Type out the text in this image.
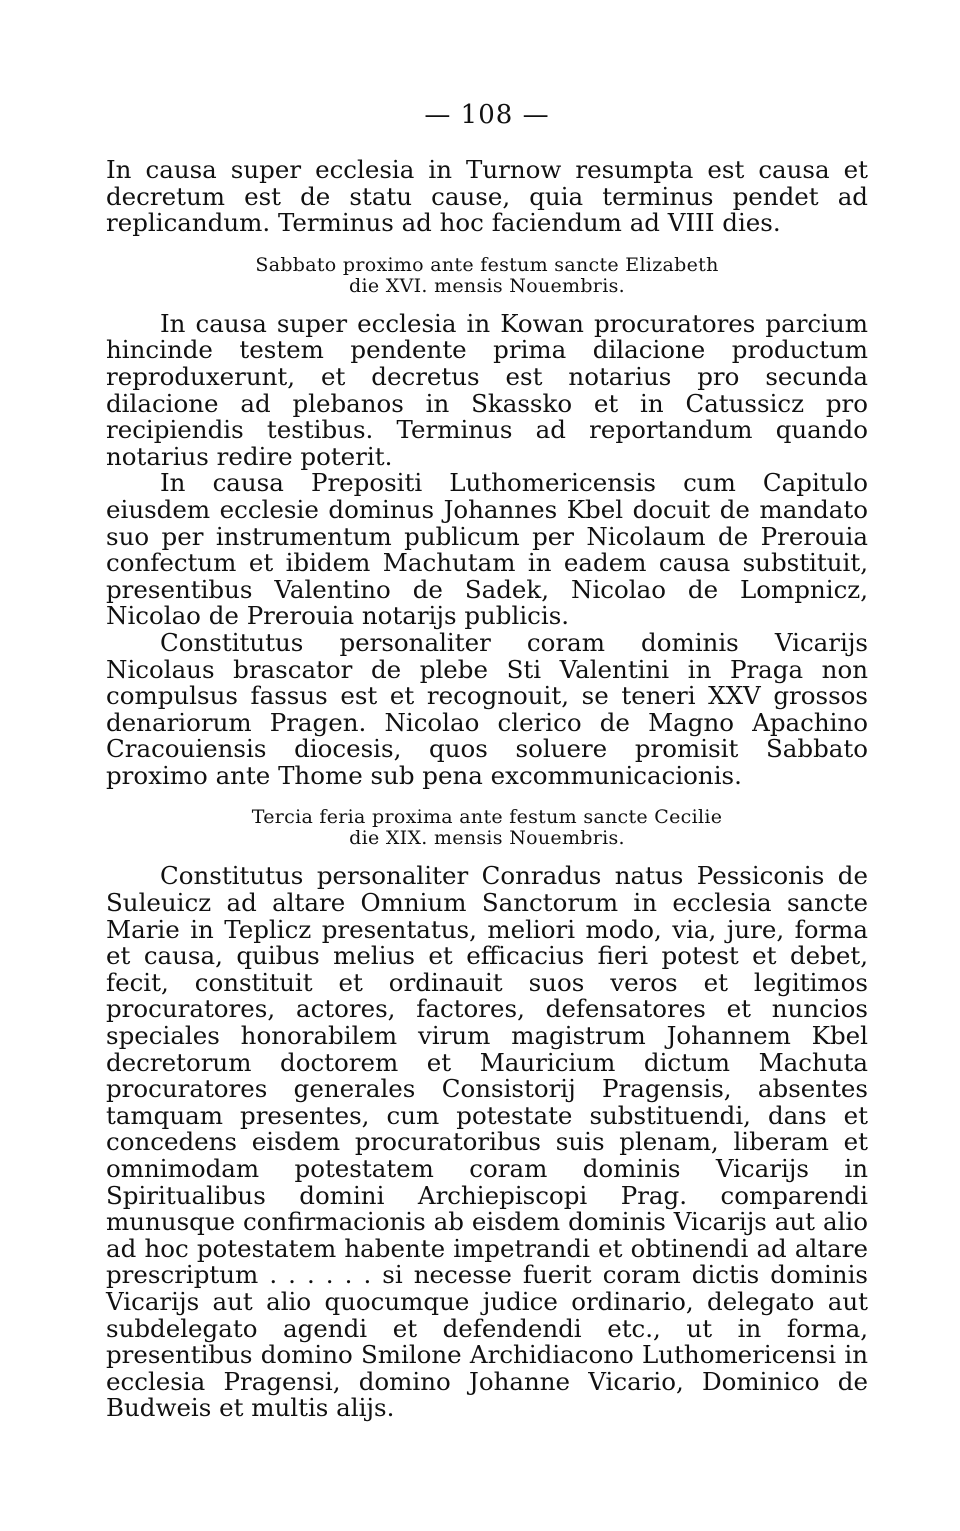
— 108 —

In causa super ecclesia in Turnow resumpta est causa et decretum est de statu cause, quia terminus pendet ad replicandum. Terminus ad hoc faciendum ad VIII dies.

Sabbato proximo ante festum sancte Elizabeth
die XVI. mensis Nouembris.

In causa super ecclesia in Kowan procuratores parcium hincinde testem pendente prima dilacione productum reproduxerunt, et decretus est notarius pro secunda dilacione ad plebanos in Skassko et in Catussicz pro recipiendis testibus. Terminus ad reportandum quando notarius redire poterit.

In causa Prepositi Luthomericensis cum Capitulo eiusdem ecclesie dominus Johannes Kbel docuit de mandato suo per instrumentum publicum per Nicolaum de Prerouia confectum et ibidem Machutam in eadem causa substituit, presentibus Valentino de Sadek, Nicolao de Lompnicz, Nicolao de Prerouia notarijs publicis.

Constitutus personaliter coram dominis Vicarijs Nicolaus brascator de plebe Sti Valentini in Praga non compulsus fassus est et recognouit, se teneri XXV grossos denariorum Pragen. Nicolao clerico de Magno Apachino Cracouiensis diocesis, quos soluere promisit Sabbato proximo ante Thome sub pena excommunicacionis.

Tercia feria proxima ante festum sancte Cecilie
die XIX. mensis Nouembris.

Constitutus personaliter Conradus natus Pessiconis de Suleuicz ad altare Omnium Sanctorum in ecclesia sancte Marie in Teplicz presentatus, meliori modo, via, jure, forma et causa, quibus melius et efficacius fieri potest et debet, fecit, constituit et ordinauit suos veros et legitimos procuratores, actores, factores, defensatores et nuncios speciales honorabilem virum magistrum Johannem Kbel decretorum doctorem et Mauricium dictum Machuta procuratores generales Consistorij Pragensis, absentes tamquam presentes, cum potestate substituendi, dans et concedens eisdem procuratoribus suis plenam, liberam et omnimodam potestatem coram dominis Vicarijs in Spiritualibus domini Archiepiscopi Prag. comparendi munusque confirmacionis ab eisdem dominis Vicarijs aut alio ad hoc potestatem habente impetrandi et obtinendi ad altare prescriptum . . . . . . si necesse fuerit coram dictis dominis Vicarijs aut alio quocumque judice ordinario, delegato aut subdelegato agendi et defendendi etc., ut in forma, presentibus domino Smilone Archidiacono Luthomericensi in ecclesia Pragensi, domino Johanne Vicario, Dominico de Budweis et multis alijs.
